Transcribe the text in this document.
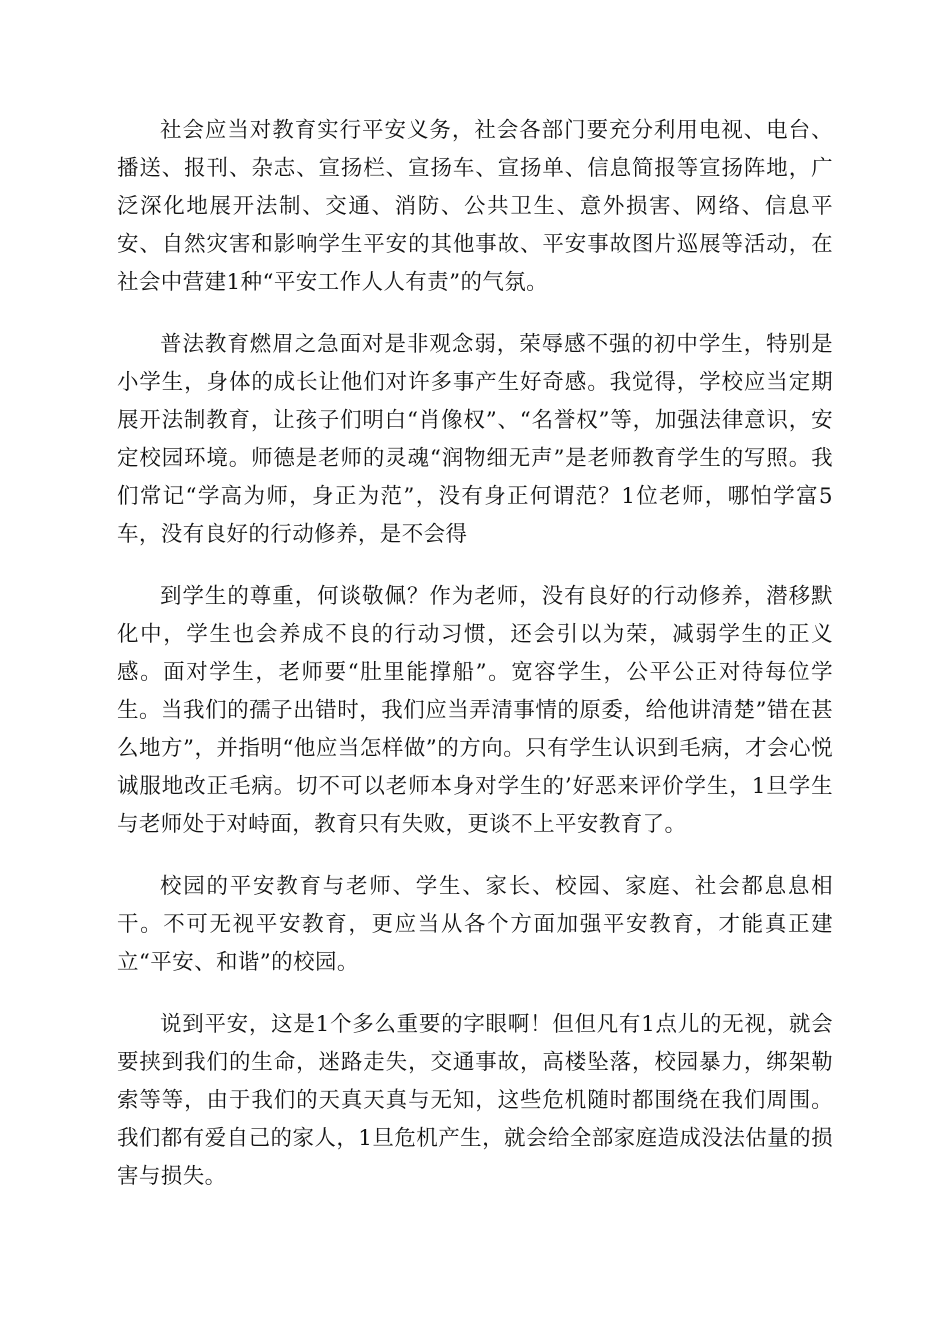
社会应当对教育实行平安义务，社会各部门要充分利用电视、电台、播送、报刊、杂志、宣扬栏、宣扬车、宣扬单、信息简报等宣扬阵地，广泛深化地展开法制、交通、消防、公共卫生、意外损害、网络、信息平安、自然灾害和影响学生平安的其他事故、平安事故图片巡展等活动，在社会中营建1种“平安工作人人有责”的气氛。

普法教育燃眉之急面对是非观念弱，荣辱感不强的初中学生，特别是小学生，身体的成长让他们对许多事产生好奇感。我觉得，学校应当定期展开法制教育，让孩子们明白“肖像权”、“名誉权”等，加强法律意识，安定校园环境。师德是老师的灵魂“润物细无声”是老师教育学生的写照。我们常记“学高为师，身正为范”，没有身正何谓范？1位老师，哪怕学富5车，没有良好的行动修养，是不会得

到学生的尊重，何谈敬佩？作为老师，没有良好的行动修养，潜移默化中，学生也会养成不良的行动习惯，还会引以为荣，减弱学生的正义感。面对学生，老师要“肚里能撑船”。宽容学生，公平公正对待每位学生。当我们的孺子出错时，我们应当弄清事情的原委，给他讲清楚”错在甚么地方”，并指明“他应当怎样做”的方向。只有学生认识到毛病，才会心悦诚服地改正毛病。切不可以老师本身对学生的’好恶来评价学生，1旦学生与老师处于对峙面，教育只有失败，更谈不上平安教育了。

校园的平安教育与老师、学生、家长、校园、家庭、社会都息息相干。不可无视平安教育，更应当从各个方面加强平安教育，才能真正建立“平安、和谐”的校园。

说到平安，这是1个多么重要的字眼啊！但但凡有1点儿的无视，就会要挟到我们的生命，迷路走失，交通事故，高楼坠落，校园暴力，绑架勒索等等，由于我们的天真天真与无知，这些危机随时都围绕在我们周围。我们都有爱自己的家人，1旦危机产生，就会给全部家庭造成没法估量的损害与损失。
